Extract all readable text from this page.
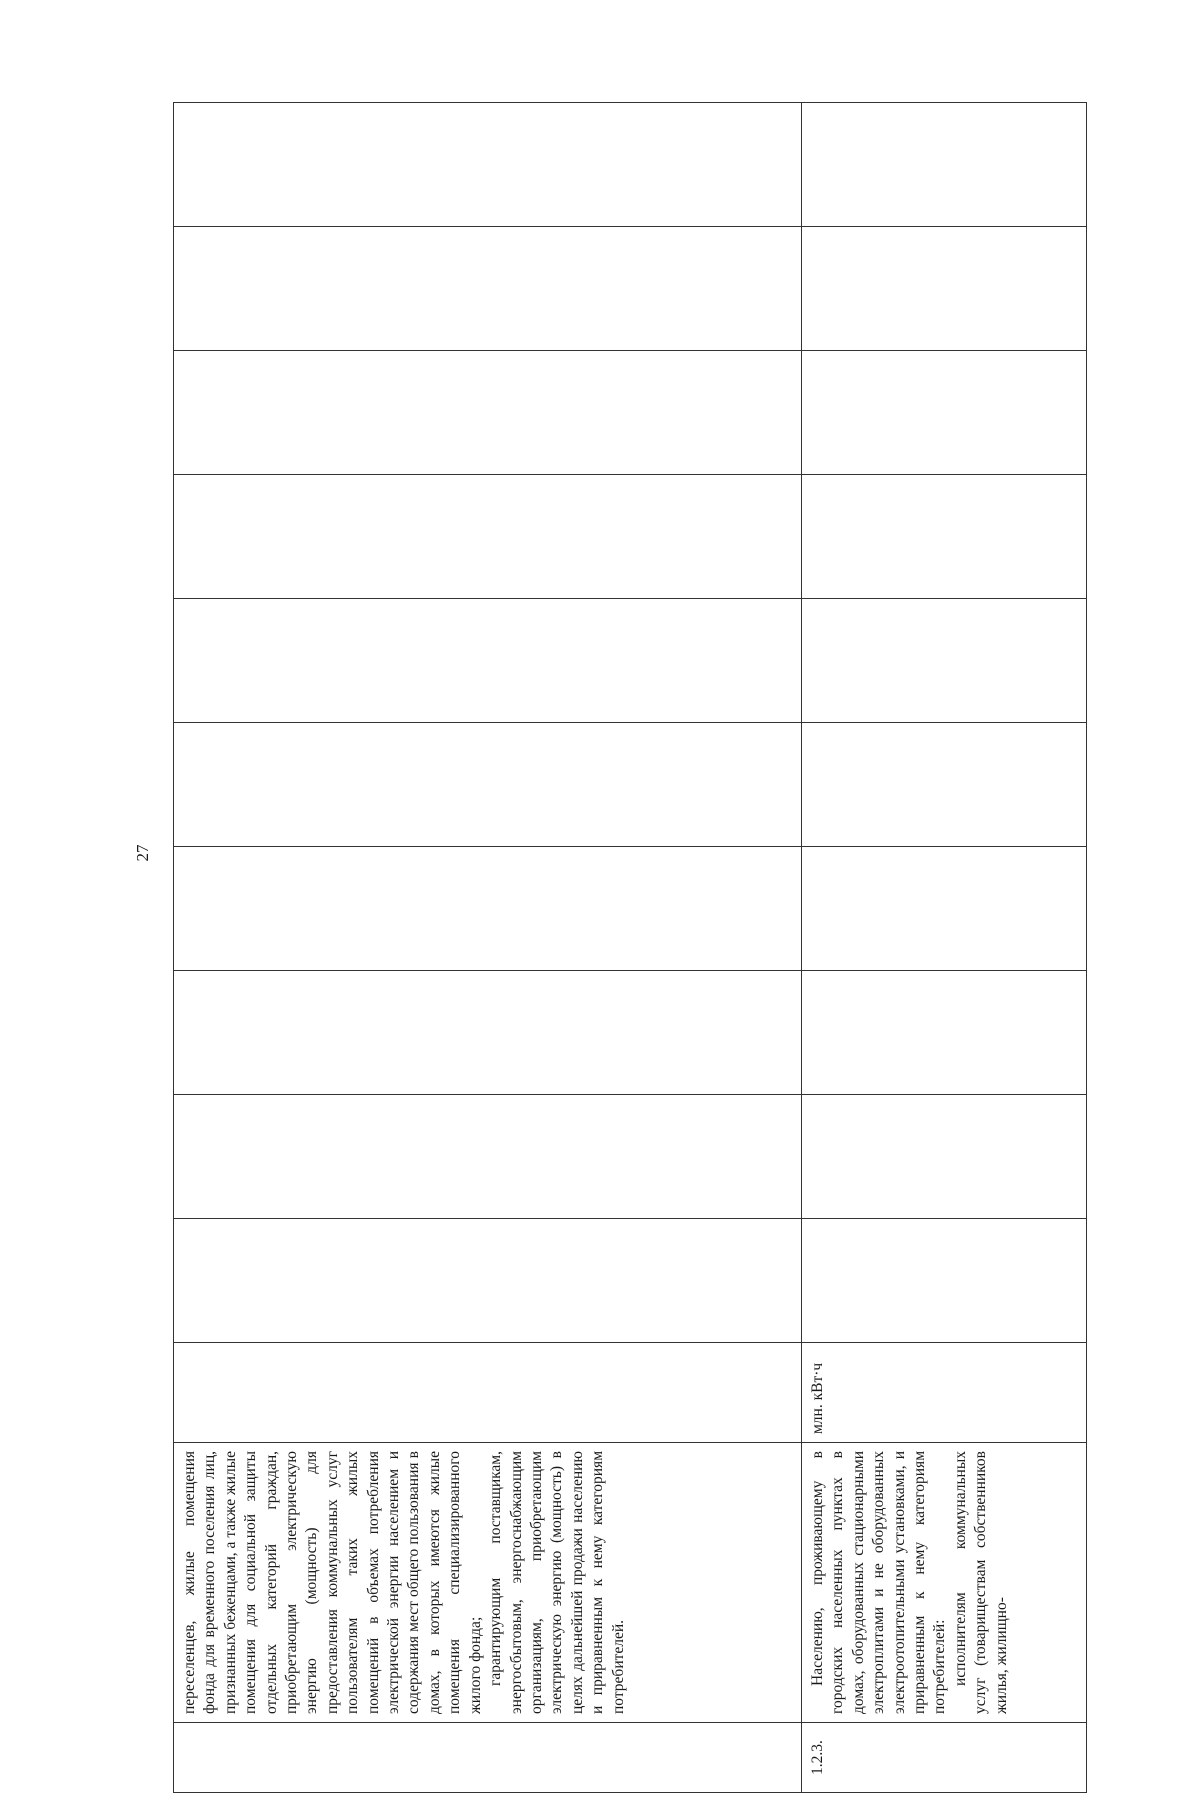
27

	переселенцев, жилые помещения фонда для временного поселения лиц, признанных беженцами, а также жилые помещения для социальной защиты отдельных категорий граждан, приобретающим электрическую энергию (мощность) для предоставления коммунальных услуг пользователям таких жилых помещений в объемах потребления электрической энергии населением и содержания мест общего пользования в домах, в которых имеются жилые помещения специализированного жилого фонда; гарантирующим поставщикам, энергосбытовым, энергоснабжающим организациям, приобретающим электрическую энергию (мощность) в целях дальнейшей продажи населению и приравненным к нему категориям потребителей.											

1.2.3.	Населению, проживающему в городских населенных пунктах в домах, оборудованных стационарными электроплитами и не оборудованных электроотопительными установками, и приравненным к нему категориям потребителей: исполнителям коммунальных услуг (товариществам собственников жилья, жилищно-	млн. кВт·ч										
